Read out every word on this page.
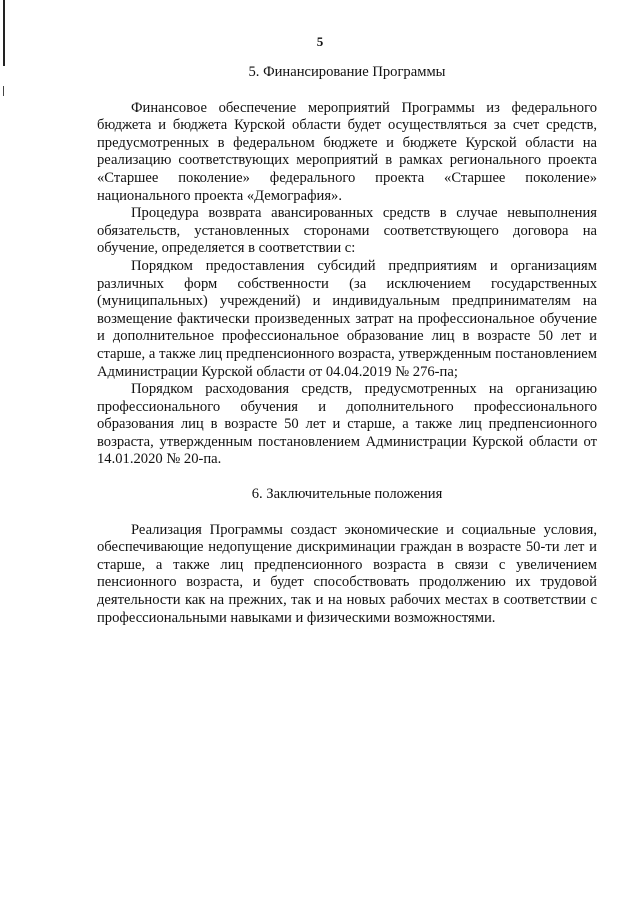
5
5. Финансирование Программы

Финансовое обеспечение мероприятий Программы из федерального бюджета и бюджета Курской области будет осуществляться за счет средств, предусмотренных в федеральном бюджете и бюджете Курской области на реализацию соответствующих мероприятий в рамках регионального проекта «Старшее поколение» федерального проекта «Старшее поколение» национального проекта «Демография».

Процедура возврата авансированных средств в случае невыполнения обязательств, установленных сторонами соответствующего договора на обучение, определяется в соответствии с:

Порядком предоставления субсидий предприятиям и организациям различных форм собственности (за исключением государственных (муниципальных) учреждений) и индивидуальным предпринимателям на возмещение фактически произведенных затрат на профессиональное обучение и дополнительное профессиональное образование лиц в возрасте 50 лет и старше, а также лиц предпенсионного возраста, утвержденным постановлением Администрации Курской области от 04.04.2019 № 276-па;

Порядком расходования средств, предусмотренных на организацию профессионального обучения и дополнительного профессионального образования лиц в возрасте 50 лет и старше, а также лиц предпенсионного возраста, утвержденным постановлением Администрации Курской области от 14.01.2020 № 20-па.

6. Заключительные положения

Реализация Программы создаст экономические и социальные условия, обеспечивающие недопущение дискриминации граждан в возрасте 50-ти лет и старше, а также лиц предпенсионного возраста в связи с увеличением пенсионного возраста, и будет способствовать продолжению их трудовой деятельности как на прежних, так и на новых рабочих местах в соответствии с профессиональными навыками и физическими возможностями.
